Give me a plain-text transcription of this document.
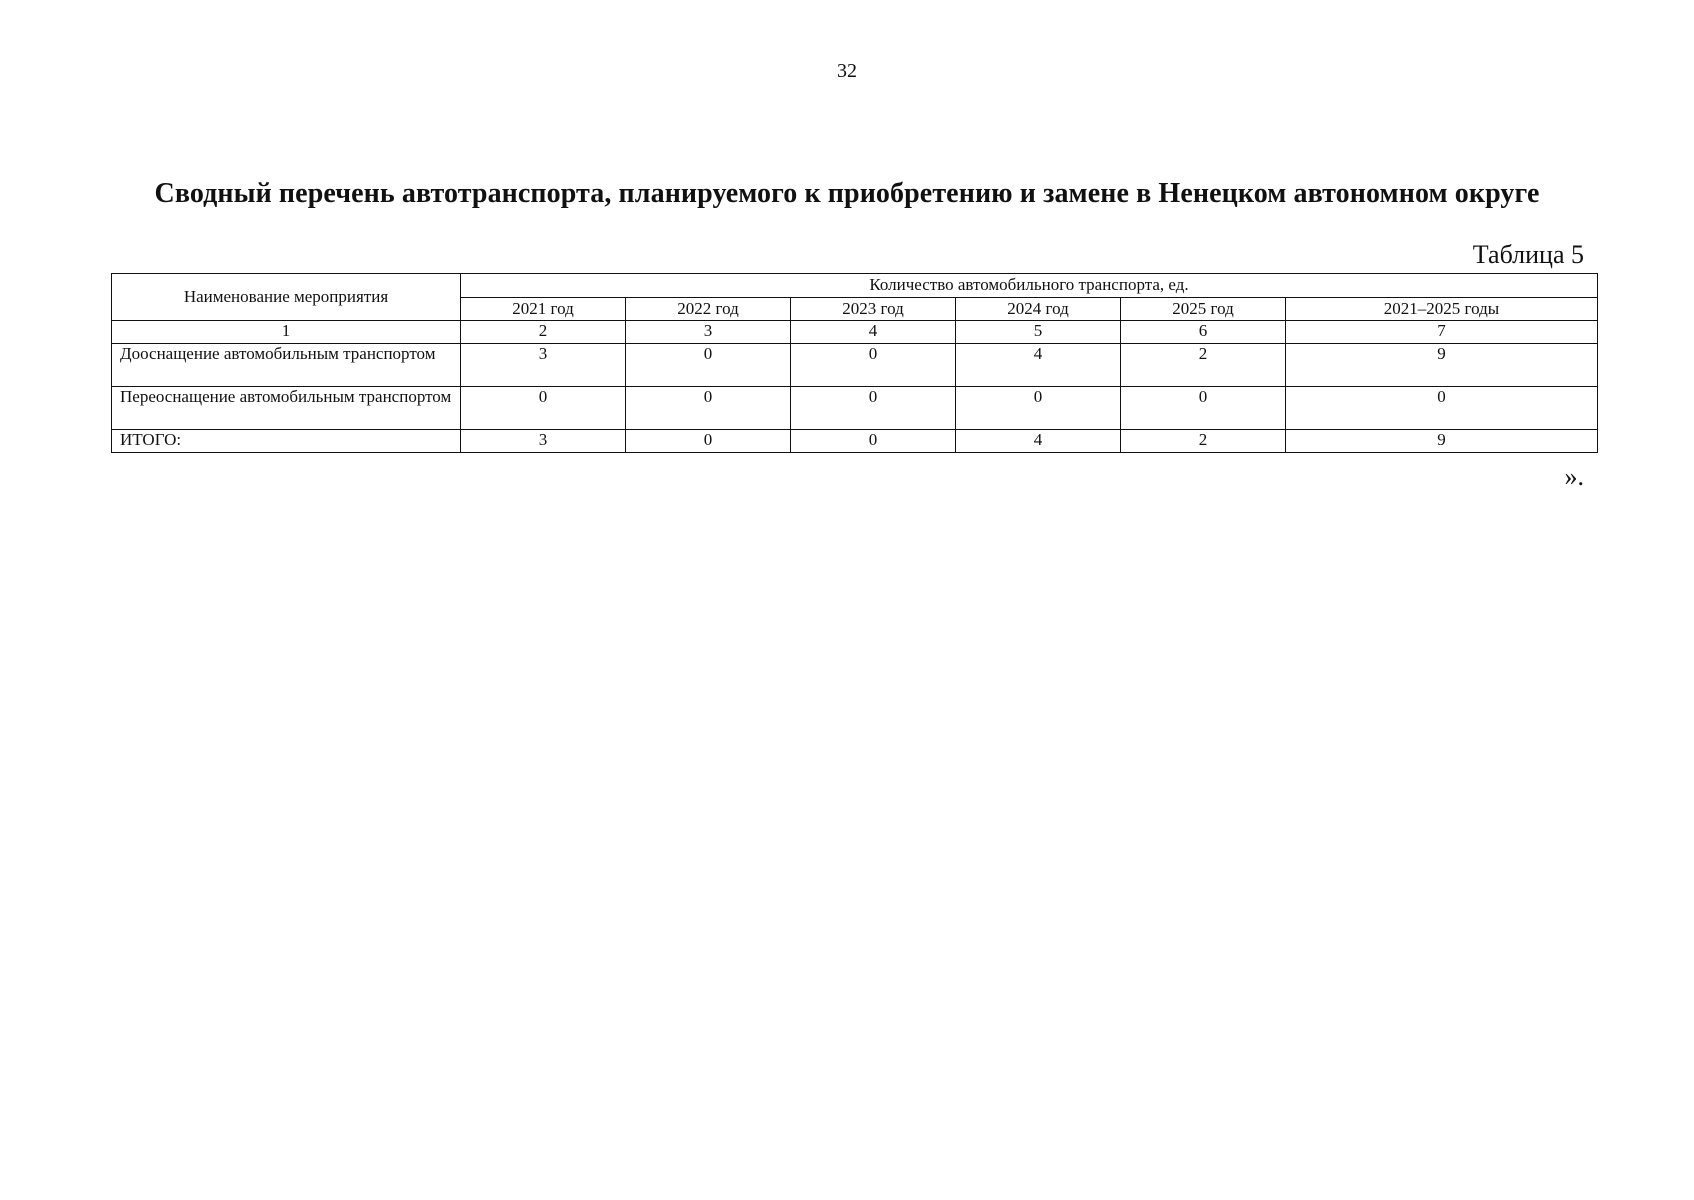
32
Сводный перечень автотранспорта, планируемого к приобретению и замене в Ненецком автономном округе
Таблица 5
Наименование мероприятия	Количество автомобильного транспорта, ед.					
	2021 год	2022 год	2023 год	2024 год	2025 год	2021–2025 годы
1	2	3	4	5	6	7
Дооснащение автомобильным транспортом	3	0	0	4	2	9
Переоснащение автомобильным транспортом	0	0	0	0	0	0
ИТОГО:	3	0	0	4	2	9
».
